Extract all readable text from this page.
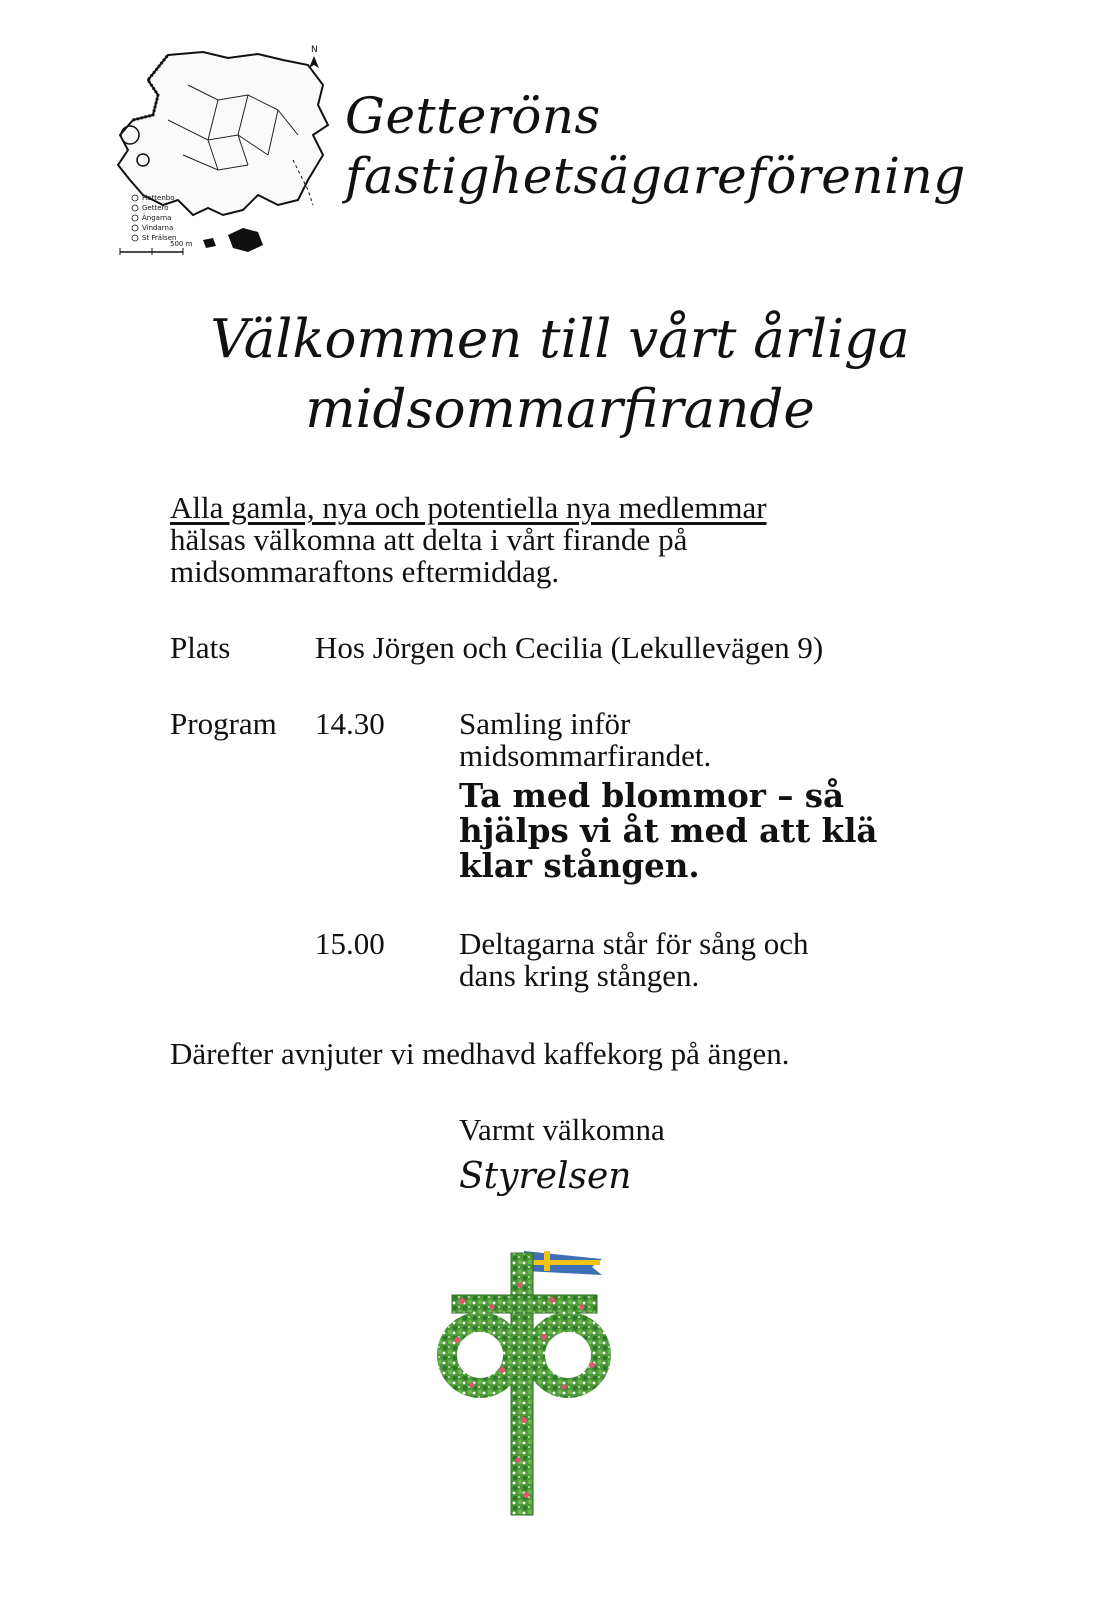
N
Hattenbo
Getterö
Ängarna
Vindarna
St Frälsen
500 m
Getteröns
fastighetsägareförening
Välkommen till vårt årliga
midsommarfirande
Alla gamla, nya och potentiella nya medlemmar
hälsas välkomna att delta i vårt firande på
midsommaraftons eftermiddag.
Plats	Hos Jörgen och Cecilia (Lekullevägen 9)
Program 14.30 Samling inför
midsommarfirandet.
Ta med blommor – så
hjälps vi åt med att klä
klar stången.
15.00 Deltagarna står för sång och
dans kring stången.
Därefter avnjuter vi medhavd kaffekorg på ängen.
Varmt välkomna
Styrelsen
